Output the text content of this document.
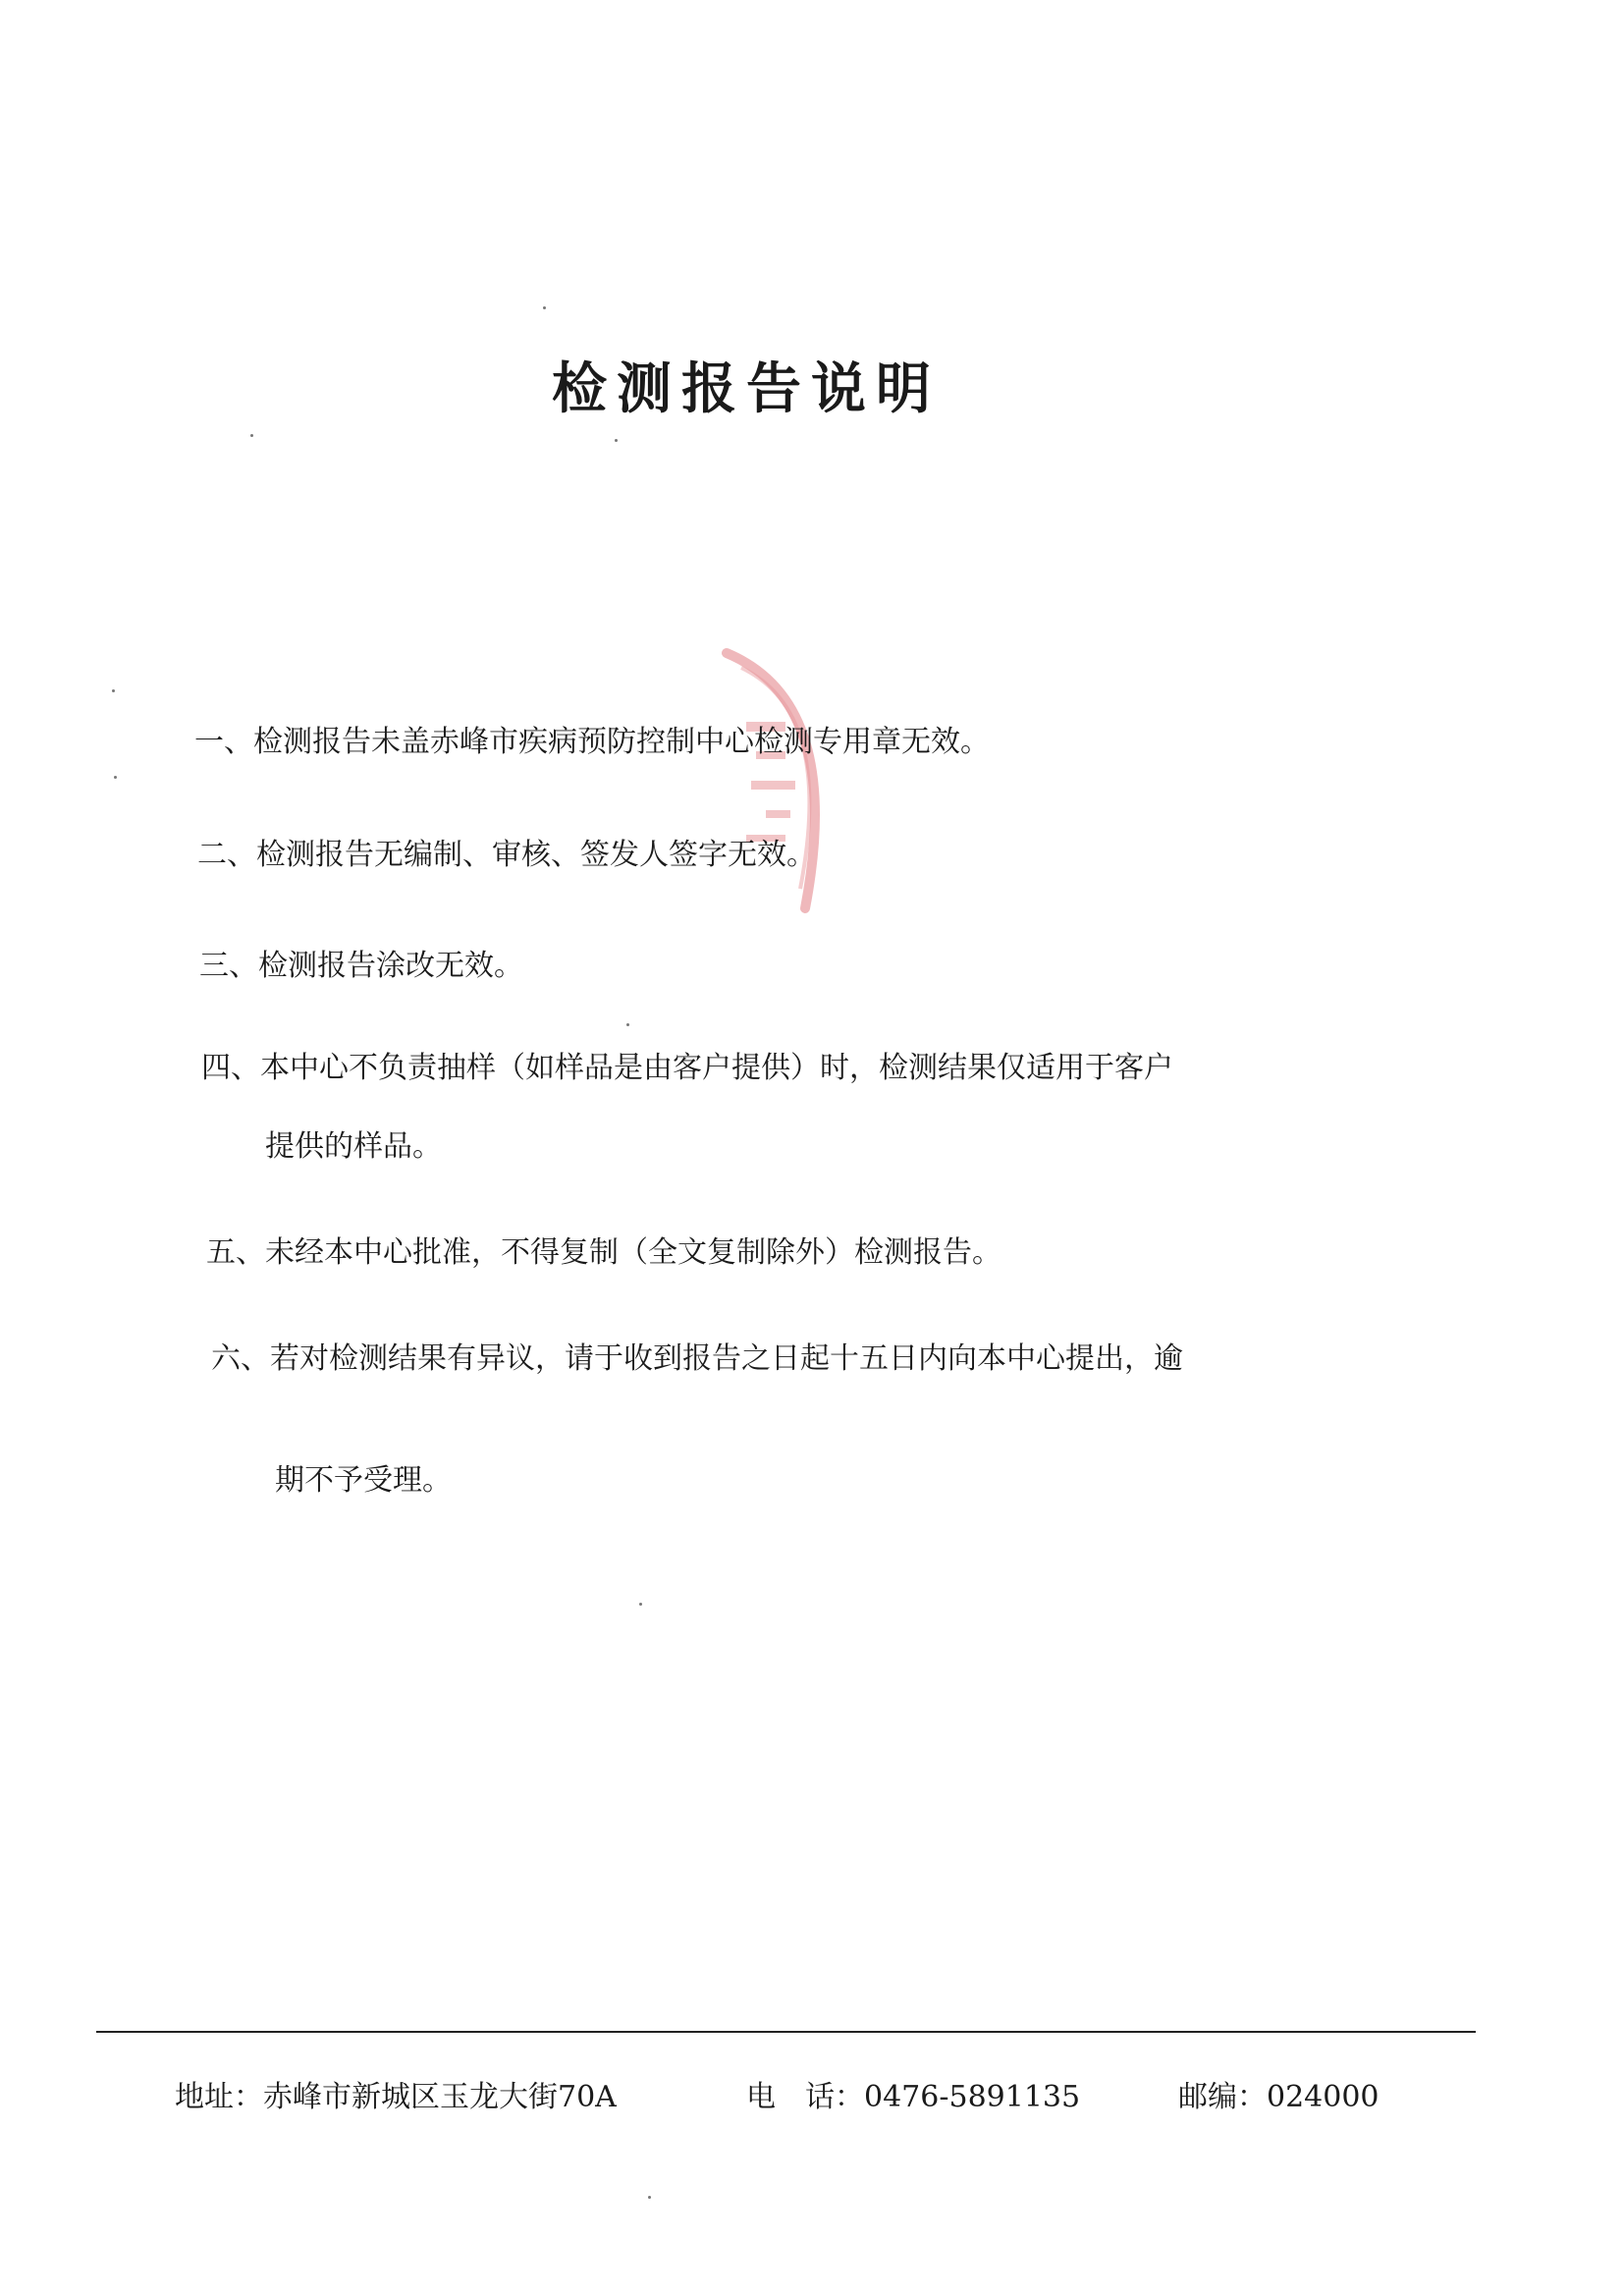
检测报告说明
一、检测报告未盖赤峰市疾病预防控制中心检测专用章无效。
二、检测报告无编制、审核、签发人签字无效。
三、检测报告涂改无效。
四、本中心不负责抽样（如样品是由客户提供）时，检测结果仅适用于客户
提供的样品。
五、未经本中心批准，不得复制（全文复制除外）检测报告。
六、若对检测结果有异议，请于收到报告之日起十五日内向本中心提出，逾
期不予受理。
地址：赤峰市新城区玉龙大街70A	电　话：0476-5891135	邮编：024000
